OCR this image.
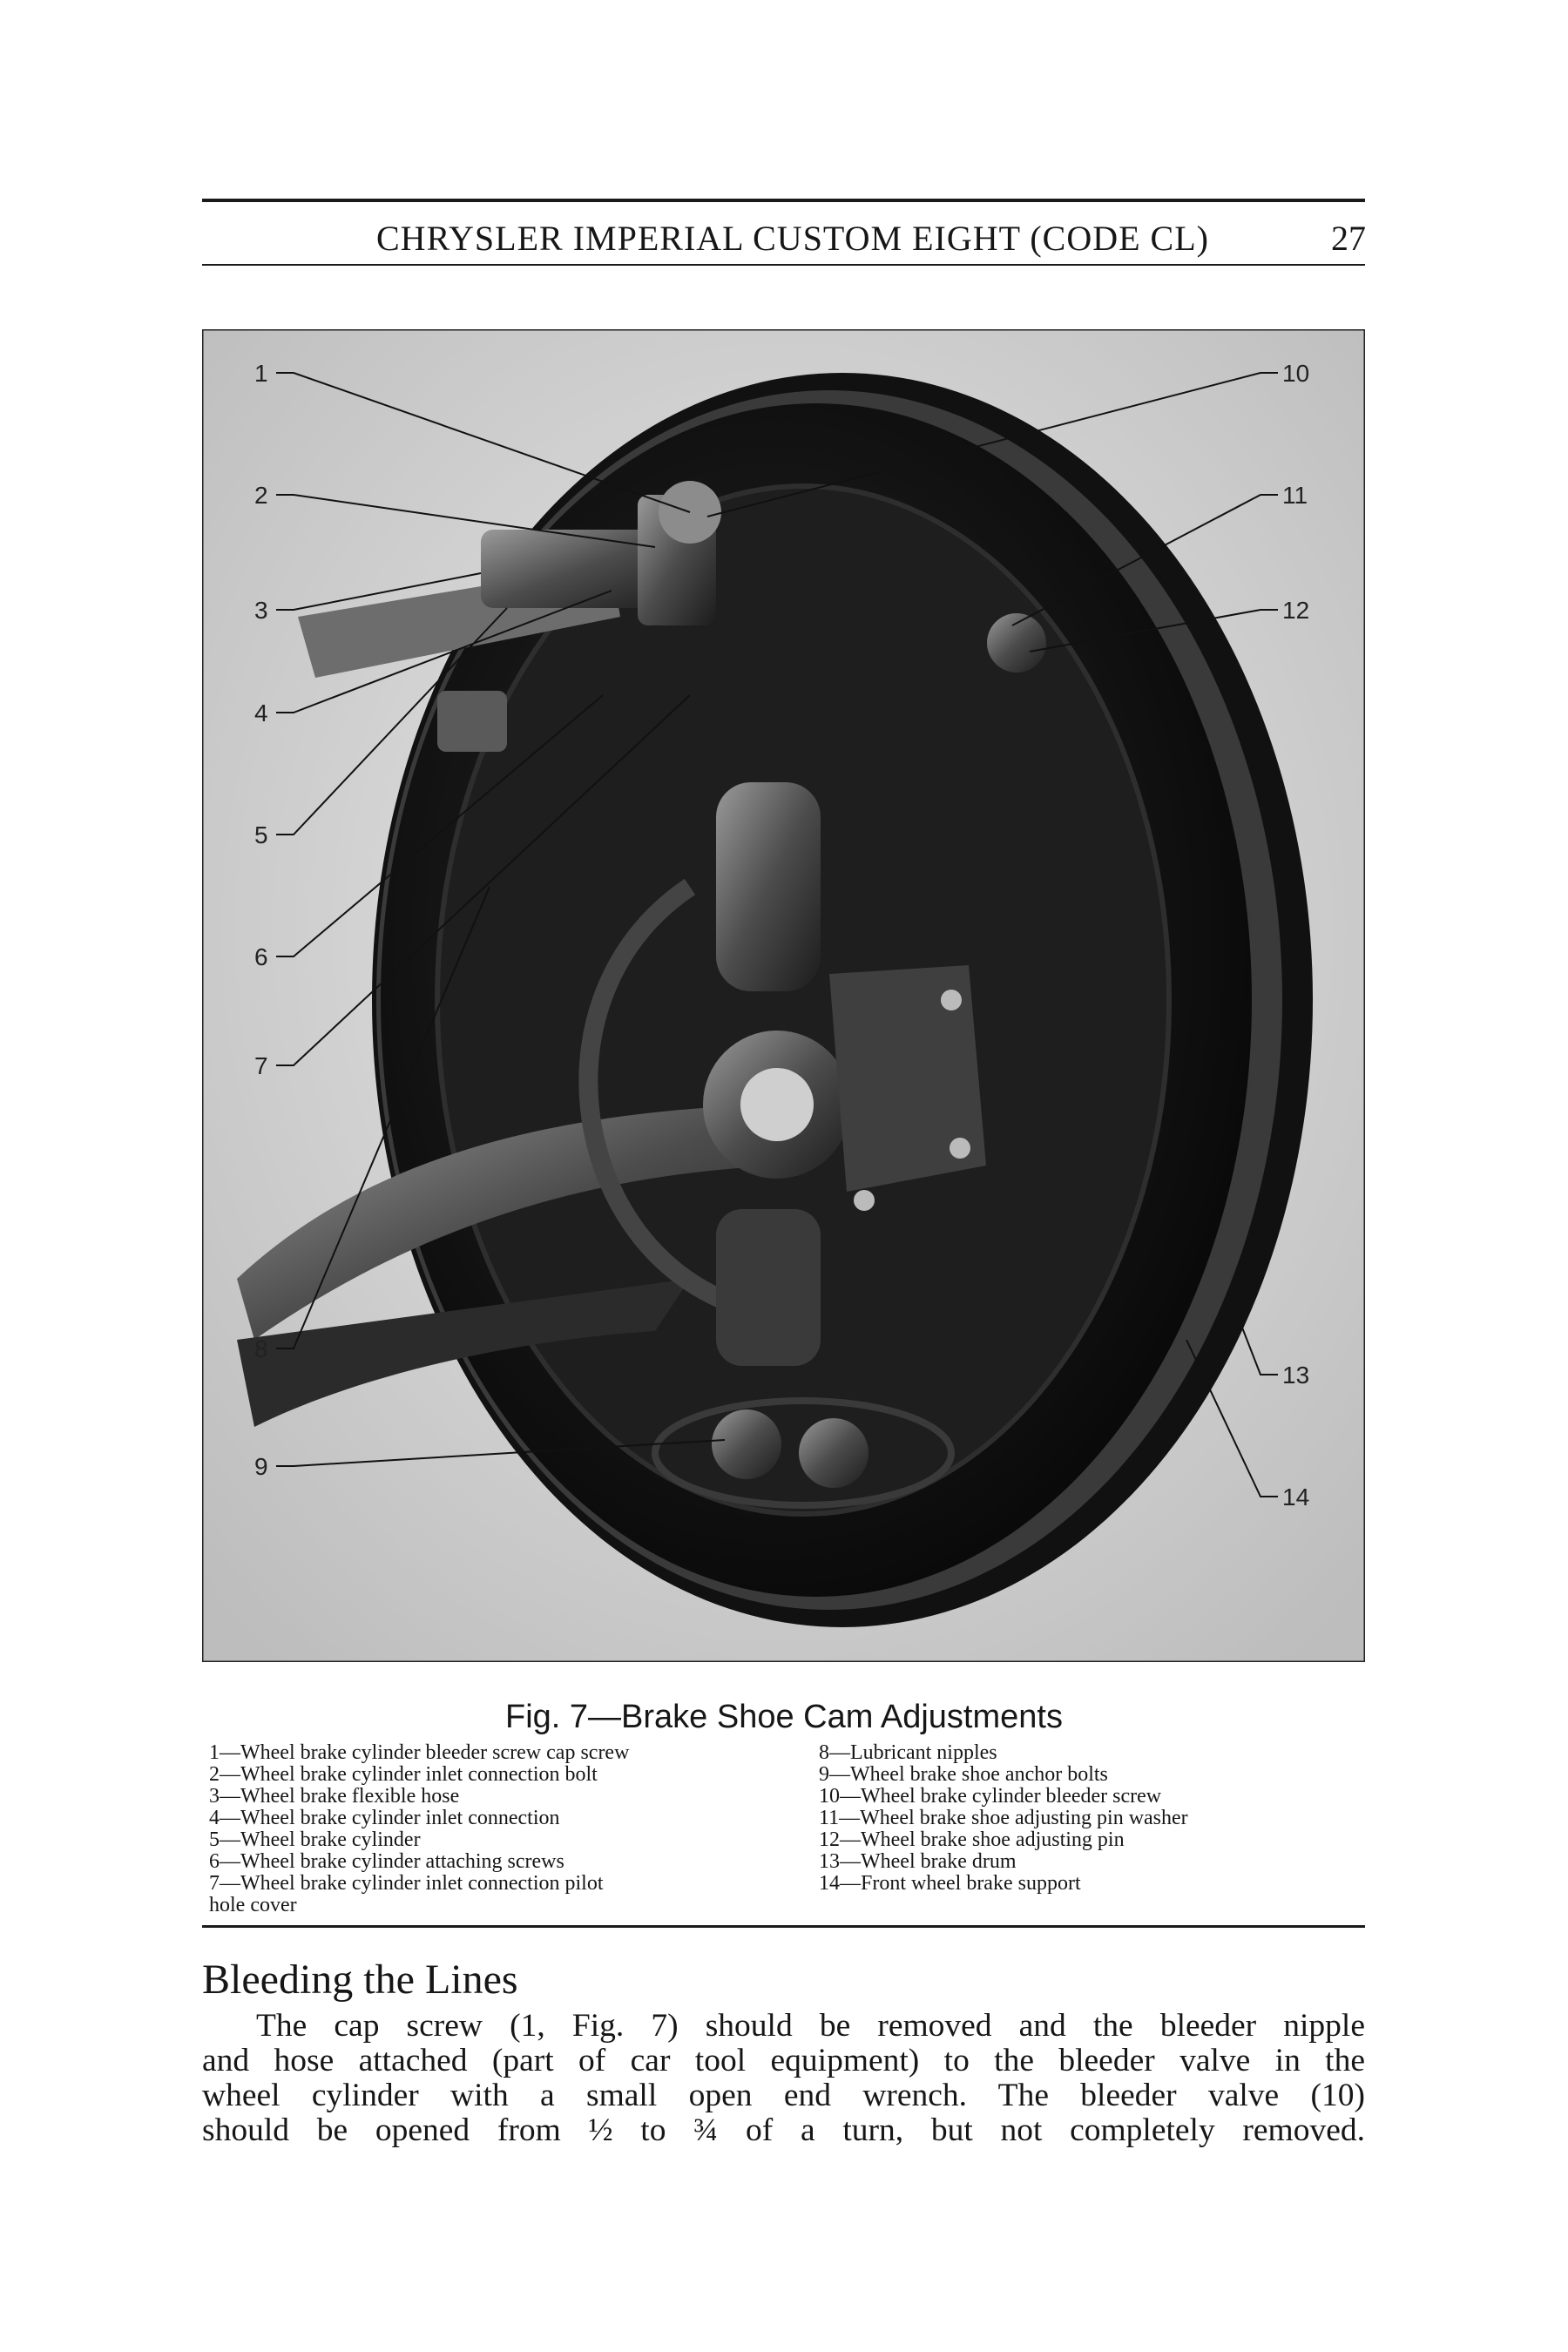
CHRYSLER IMPERIAL CUSTOM EIGHT (CODE CL)	27
1
2
3
4
5
6
7
8
9
10
11
12
13
14
Fig. 7—Brake Shoe Cam Adjustments
1—Wheel brake cylinder bleeder screw cap screw
2—Wheel brake cylinder inlet connection bolt
3—Wheel brake flexible hose
4—Wheel brake cylinder inlet connection
5—Wheel brake cylinder
6—Wheel brake cylinder attaching screws
7—Wheel brake cylinder inlet connection pilot
hole cover
8—Lubricant nipples
9—Wheel brake shoe anchor bolts
10—Wheel brake cylinder bleeder screw
11—Wheel brake shoe adjusting pin washer
12—Wheel brake shoe adjusting pin
13—Wheel brake drum
14—Front wheel brake support
Bleeding the Lines
The cap screw (1, Fig. 7) should be removed and the bleeder nipple
and hose attached (part of car tool equipment) to the bleeder valve in the
wheel cylinder with a small open end wrench. The bleeder valve (10)
should be opened from ½ to ¾ of a turn, but not completely removed.
